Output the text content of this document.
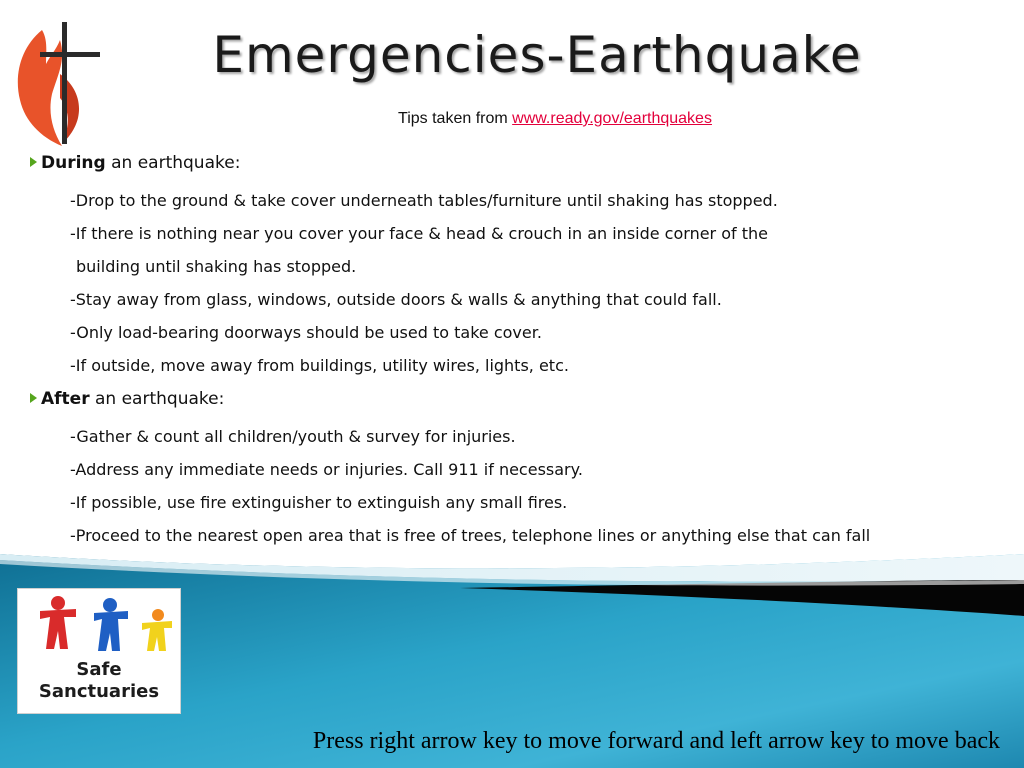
Emergencies-Earthquake
Tips taken from www.ready.gov/earthquakes
During an earthquake:

-Drop to the ground & take cover underneath tables/furniture until shaking has stopped.

-If there is nothing near you cover your face & head & crouch in an inside corner of the

building until shaking has stopped.

-Stay away from glass, windows, outside doors & walls & anything that could fall.

-Only load-bearing doorways should be used to take cover.

-If outside, move away from buildings, utility wires, lights, etc.

After an earthquake:

-Gather & count all children/youth & survey for injuries.

-Address any immediate needs or injuries. Call 911 if necessary.

-If possible, use fire extinguisher to extinguish any small fires.

-Proceed to the nearest open area that is free of trees, telephone lines or anything else that can fall

Safe
Sanctuaries
Press right arrow key to move forward and left arrow key to move back
